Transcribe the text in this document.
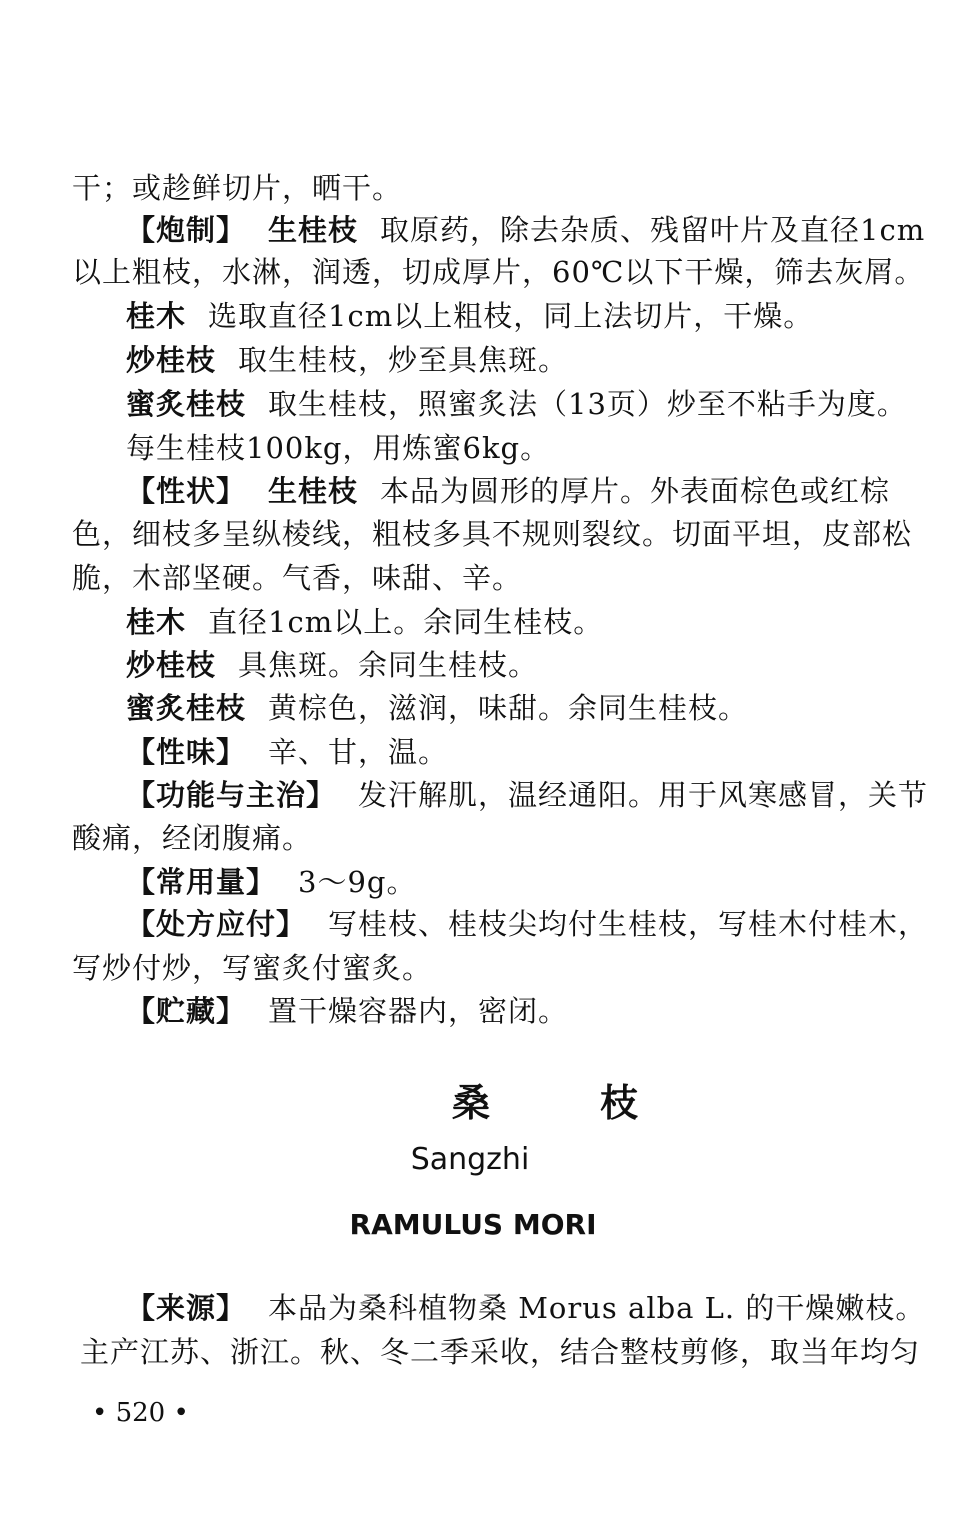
干；或趁鲜切片，晒干。
【炮制】 生桂枝 取原药，除去杂质、残留叶片及直径1cm
以上粗枝，水淋，润透，切成厚片，60℃以下干燥，筛去灰屑。
桂木 选取直径1cm以上粗枝，同上法切片，干燥。
炒桂枝 取生桂枝，炒至具焦斑。
蜜炙桂枝 取生桂枝，照蜜炙法（13页）炒至不粘手为度。
每生桂枝100kg，用炼蜜6kg。
【性状】 生桂枝 本品为圆形的厚片。外表面棕色或红棕
色，细枝多呈纵棱线，粗枝多具不规则裂纹。切面平坦，皮部松
脆，木部坚硬。气香，味甜、辛。
桂木 直径1cm以上。余同生桂枝。
炒桂枝 具焦斑。余同生桂枝。
蜜炙桂枝 黄棕色，滋润，味甜。余同生桂枝。
【性味】 辛、甘，温。
【功能与主治】 发汗解肌，温经通阳。用于风寒感冒，关节
酸痛，经闭腹痛。
【常用量】 3～9g。
【处方应付】 写桂枝、桂枝尖均付生桂枝，写桂木付桂木，
写炒付炒，写蜜炙付蜜炙。
【贮藏】 置干燥容器内，密闭。
桑枝
Sangzhi
RAMULUS MORI
【来源】 本品为桑科植物桑 Morus alba L. 的干燥嫩枝。
主产江苏、浙江。秋、冬二季采收，结合整枝剪修，取当年均匀
• 520 •
